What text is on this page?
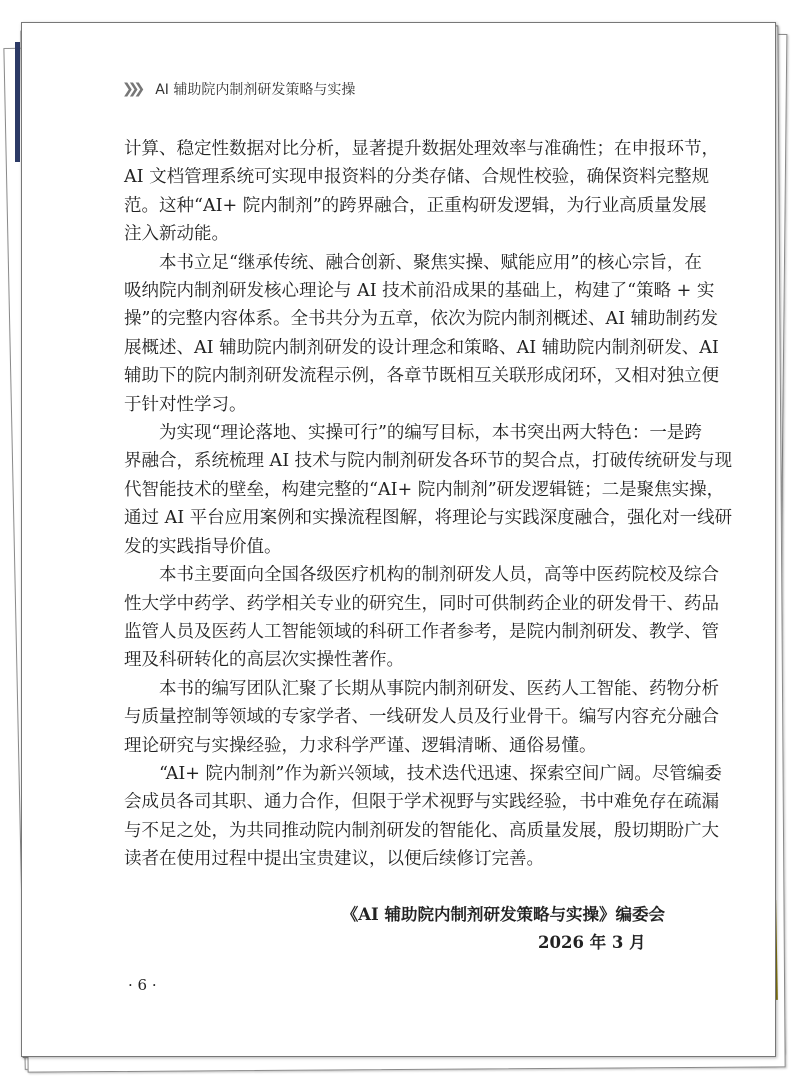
❯❯❯ AI 辅助院内制剂研发策略与实操
计算、稳定性数据对比分析，显著提升数据处理效率与准确性；在申报环节，
AI 文档管理系统可实现申报资料的分类存储、合规性校验，确保资料完整规
范。这种“AI+ 院内制剂”的跨界融合，正重构研发逻辑，为行业高质量发展
注入新动能。
本书立足“继承传统、融合创新、聚焦实操、赋能应用”的核心宗旨，在
吸纳院内制剂研发核心理论与 AI 技术前沿成果的基础上，构建了“策略 + 实
操”的完整内容体系。全书共分为五章，依次为院内制剂概述、AI 辅助制药发
展概述、AI 辅助院内制剂研发的设计理念和策略、AI 辅助院内制剂研发、AI
辅助下的院内制剂研发流程示例，各章节既相互关联形成闭环，又相对独立便
于针对性学习。
为实现“理论落地、实操可行”的编写目标，本书突出两大特色：一是跨
界融合，系统梳理 AI 技术与院内制剂研发各环节的契合点，打破传统研发与现
代智能技术的壁垒，构建完整的“AI+ 院内制剂”研发逻辑链；二是聚焦实操，
通过 AI 平台应用案例和实操流程图解，将理论与实践深度融合，强化对一线研
发的实践指导价值。
本书主要面向全国各级医疗机构的制剂研发人员，高等中医药院校及综合
性大学中药学、药学相关专业的研究生，同时可供制药企业的研发骨干、药品
监管人员及医药人工智能领域的科研工作者参考，是院内制剂研发、教学、管
理及科研转化的高层次实操性著作。
本书的编写团队汇聚了长期从事院内制剂研发、医药人工智能、药物分析
与质量控制等领域的专家学者、一线研发人员及行业骨干。编写内容充分融合
理论研究与实操经验，力求科学严谨、逻辑清晰、通俗易懂。
“AI+ 院内制剂”作为新兴领域，技术迭代迅速、探索空间广阔。尽管编委
会成员各司其职、通力合作，但限于学术视野与实践经验，书中难免存在疏漏
与不足之处，为共同推动院内制剂研发的智能化、高质量发展，殷切期盼广大
读者在使用过程中提出宝贵建议，以便后续修订完善。
《AI 辅助院内制剂研发策略与实操》编委会
2026 年 3 月
· 6 ·
